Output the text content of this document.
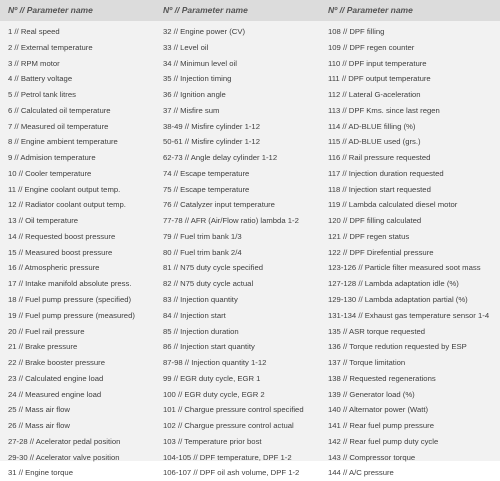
Nº // Parameter name	Nº // Parameter name	Nº // Parameter name
1 // Real speed
2 // External temperature
3 // RPM motor
4 // Battery voltage
5 // Petrol tank litres
6 // Calculated oil temperature
7 // Measured oil temperature
8 // Engine ambient temperature
9 // Admision temperature
10 // Cooler temperature
11 // Engine coolant output temp.
12 // Radiator coolant output temp.
13 // Oil temperature
14 // Requested boost pressure
15 // Measured boost pressure
16 // Atmospheric pressure
17 // Intake manifold absolute press.
18 // Fuel pump pressure (specified)
19 // Fuel pump pressure (measured)
20 // Fuel rail pressure
21 // Brake pressure
22 // Brake booster pressure
23 // Calculated engine load
24 // Measured engine load
25 // Mass air flow
26 // Mass air flow
27-28 // Acelerator pedal position
29-30 // Acelerator valve position
31 // Engine torque
32 // Engine power (CV)
33 // Level oil
34 // Minimun level oil
35 // Injection timing
36 // Ignition angle
37 // Misfire sum
38-49 // Misfire cylinder 1-12
50-61 // Misfire cylinder 1-12
62-73 // Angle delay cylinder 1-12
74 // Escape temperature
75 // Escape temperature
76 // Catalyzer input temperature
77-78 // AFR (Air/Flow ratio) lambda 1-2
79 // Fuel trim bank 1/3
80 // Fuel trim bank 2/4
81 // N75 duty cycle specified
82 // N75 duty cycle actual
83 // Injection quantity
84 // Injection start
85 // Injection duration
86 // Injection start quantity
87-98 // Injection quantity 1-12
99 // EGR duty cycle, EGR 1
100 // EGR duty cycle, EGR 2
101 // Chargue pressure control specified
102 // Chargue pressure control actual
103 // Temperature prior bost
104-105 // DPF temperature, DPF 1-2
106-107 // DPF oil ash volume, DPF 1-2
108 // DPF filling
109 // DPF regen counter
110 // DPF input temperature
111 // DPF output temperature
112 // Lateral G-aceleration
113 // DPF Kms. since last regen
114 // AD-BLUE filling (%)
115 // AD-BLUE used (grs.)
116 // Rail pressure requested
117 // Injection duration requested
118 // Injection start requested
119 // Lambda calculated diesel motor
120 // DPF filling calculated
121 // DPF regen status
122 // DPF Direfential pressure
123-126 // Particle filter measured soot mass
127-128 // Lambda adaptation idle (%)
129-130 // Lambda adaptation partial (%)
131-134 // Exhaust gas temperature sensor 1-4
135 // ASR torque requested
136 // Torque redution requested by ESP
137 // Torque limitation
138 // Requested regenerations
139 // Generator load (%)
140 // Alternator power (Watt)
141 // Rear fuel pump pressure
142 // Rear fuel pump duty cycle
143 // Compressor torque
144 // A/C pressure
